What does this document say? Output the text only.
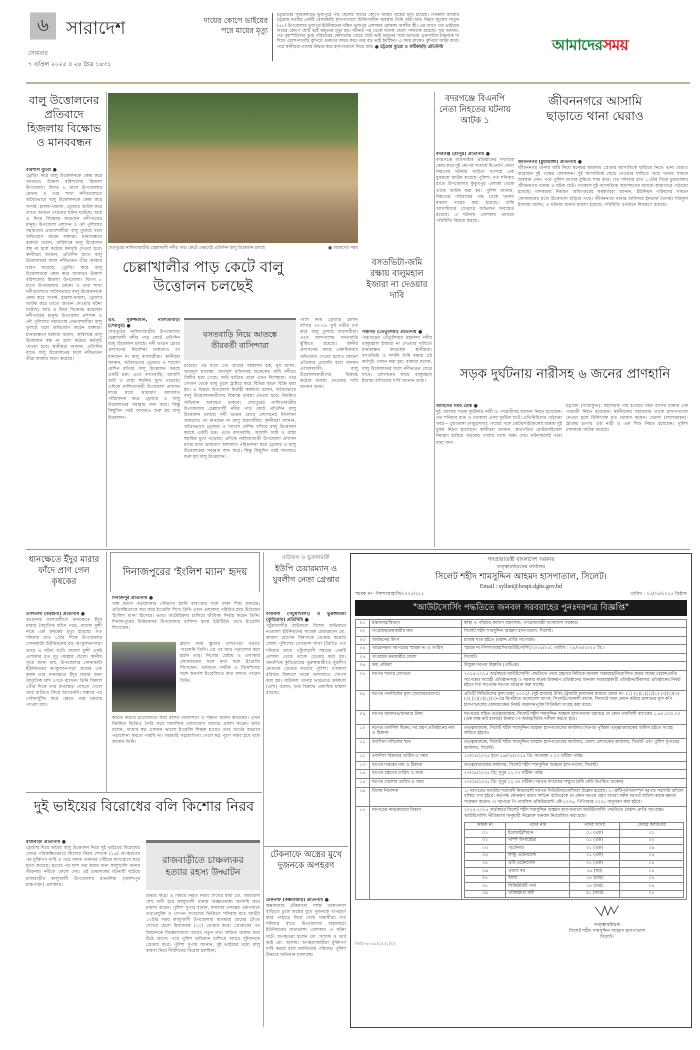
৬ সারাদেশ
সোমবার
৭ এপ্রিল ২০২৫ ॥ ২৪ চৈত্র ১৪৩১
দায়ের কোপে ভাইয়ের পরে মায়ের মৃত্যু
চট্টগ্রামের ফটিকছড়ির ভুজপুরে পড় ছেলের দায়ের কোপে আহত মায়ের মৃত্যু হয়েছে। গতকাল রবিবার চট্টগ্রাম নগরীর একটি বেসরকারি হাসপাতালে চিকিৎসাধীন অবস্থায় তিনি মারা যান। নিহত জুবেদা খাতুন (৫৮) উপজেলার ভুজপুর ইউনিয়নের দক্ষিণ ভুজপুর এলাকার মোস্তফা আলীর স্ত্রী। এর আগে গত ভাইয়ের দায়ের কোপে ছোট ভাই মামুনের মৃত্যু হয়। ঘটনার পর থেকে ঘাতক ছেলে পলাতক রয়েছে। সূত্র জানায়, গত বৃহস্পতিবার ভুজ্ব পরিবারের কোন্দলের জেরে ছোট ভাই মামুনের সঙ্গে ঝগড়ার একপর্যায়ে মামুনকে দা দিয়ে এলোপাতাড়ি কুপিয়ে গুরুতর জখম করে তার বড় ভাই ইয়াছিন। এ সময় মাকেও কুপিয়ে জখম করে। পরে স্থানীয়রা তাদের উদ্ধার করে হাসপাতালে নিয়ে যায়। ● চট্টগ্রাম ব্যুরো ও ফটিকছড়ি প্রতিনিধি	আমাদেরসময়
বালু উত্তোলনের প্রতিবাদে হিজলায় বিক্ষোভ ও মানববন্ধন
বরিশাল ব্যুরো ●
ড্রেজিং করে বালু উত্তোলনকে কেন্দ্র করে আবারও উত্তাল বরিশালের হিজলা উপজেলা। বিগত ৮ মাসে উপজেলার মেঘনা ও তার শাখা নদীগুলোতে অবৈধভাবে বালু উত্তোলনকে কেন্দ্র করে সংঘর্ষ, হামলা-মামলা, ড্রেজার আটক করে তাতে আগুন দেওয়ার ঘটনা ঘটেছে। আর এ নিয়ে বিক্ষোভ করেছেন নদীপাড়ের মানুষ। উপজেলা প্রশাসন ও নৌ পুলিশের সহায়তায় প্রভাবশালীরা বালু তুলছে বলে অভিযোগ করেন বক্তারা। মানববন্ধনে বক্তারা বলেন, অবিলম্বে বালু উত্তোলন বন্ধ না হলে কঠোর কর্মসূচি দেওয়া হবে। স্থানীয়রা জানান, প্রতিদিন রাতে বালু উত্তোলনের ফলে নদীভাঙন তীব্র আকার ধারণ করেছে। ড্রেজিং করে বালু উত্তোলনকে কেন্দ্র করে আবারও উত্তাল বরিশালের হিজলা উপজেলা। বিগত ৮ মাসে উপজেলার মেঘনা ও তার শাখা নদীগুলোতে অবৈধভাবে বালু উত্তোলনকে কেন্দ্র করে সংঘর্ষ, হামলা-মামলা, ড্রেজার আটক করে তাতে আগুন দেওয়ার ঘটনা ঘটেছে। আর এ নিয়ে বিক্ষোভ করেছেন নদীপাড়ের মানুষ। উপজেলা প্রশাসন ও নৌ পুলিশের সহায়তায় প্রভাবশালীরা বালু তুলছে বলে অভিযোগ করেন বক্তারা। মানববন্ধনে বক্তারা বলেন, অবিলম্বে বালু উত্তোলন বন্ধ না হলে কঠোর কর্মসূচি দেওয়া হবে। স্থানীয়রা জানান, প্রতিদিন রাতে বালু উত্তোলনের ফলে নদীভাঙন তীব্র আকার ধারণ করেছে।
শেরপুরের নালিতাবাড়ীর চেল্লাখালী নদীর পাড় কেটে এভাবেই প্রতিদিন বালু উত্তোলন চলছে	● আমাদের সময়
চেল্লাখালীর পাড় কেটে বালু উত্তোলন চলছেই
এম. সুরুজ্জামান, নালিতাবাড়ী (শেরপুর) ●
শেরপুরের নালিতাবাড়ীর উপজেলায় চেল্লাখালী নদীর পাড় কেটে প্রতিদিন বালু উত্তোলন চলছে। নদী ভাঙন রোধে প্রশাসনের নির্দেশনা থাকলেও তা মানছেন না বালু ব্যবসায়ীরা। স্থানীয়রা জানান, অবৈধভাবে ড্রেজার ও শ্যালো মেশিন বসিয়ে বালু উত্তোলন করছে একটি চক্র। এতে বসতবাড়ি, আবাদি জমি ও রাস্তা হুমকির মুখে পড়েছে। এদিকে নালিতাবাড়ী উপজেলা প্রশাসন মাঝে মধ্যে ভ্রাম্যমাণ আদালত পরিচালনা করে ড্রেজার ও বালু উত্তোলনের সরঞ্জাম জব্দ করে। কিন্তু কিছুদিন পরই আবারও শুরু হয় বালু উত্তোলন।
বসতবাড়ি নিয়ে আতঙ্কে তীরবর্তী বাসিন্দারা
রয়েছে। এর মধ্যে ৩টি গ্রামের আহলান হক, নূর আলী, আবদুল মালেক, আবদুল মজিদসহ অনেকের জমি নদীতে বিলীন হয়ে গেছে। জমি হারিয়ে তারা এখন দিশেহারা। পরে সেখান থেকে বালু তুলে ট্রাক্টরে করে বিভিন্ন স্থানে বিক্রি করা হয়। এ বিষয়ে উপজেলা নির্বাহী কর্মকর্তা বলেন, অবৈধভাবে বালু উত্তোলনকারীদের বিরুদ্ধে ব্যবস্থা নেওয়া হবে। নিয়মিত অভিযান অব্যাহত থাকবে। শেরপুরের নালিতাবাড়ীর উপজেলায় চেল্লাখালী নদীর পাড় কেটে প্রতিদিন বালু উত্তোলন চলছে। নদী ভাঙন রোধে প্রশাসনের নির্দেশনা থাকলেও তা মানছেন না বালু ব্যবসায়ীরা। স্থানীয়রা জানান, অবৈধভাবে ড্রেজার ও শ্যালো মেশিন বসিয়ে বালু উত্তোলন করছে একটি চক্র। এতে বসতবাড়ি, আবাদি জমি ও রাস্তা হুমকির মুখে পড়েছে। এদিকে নালিতাবাড়ী উপজেলা প্রশাসন মাঝে মধ্যে ভ্রাম্যমাণ আদালত পরিচালনা করে ড্রেজার ও বালু উত্তোলনের সরঞ্জাম জব্দ করে। কিন্তু কিছুদিন পরই আবারও শুরু হয় বালু উত্তোলন।
পাশে নিমি ড্রেজার মেশিন বসিয়ে ৩০-৩৫ ফুট গভীর গর্ত করে বালু তুলছে ব্যবসায়ীরা। এতে আশপাশের বসতবাড়ি ঝুঁকিতে রয়েছে। স্থানীয় প্রশাসনের কাছে একাধিকবার অভিযোগ দেওয়া হলেও কোনো প্রতিকার মেলেনি বলে জানান এলাকাবাসী। বালু উত্তোলনকারীদের বিরুদ্ধে কঠোর ব্যবস্থা নেওয়ার দাবি জানান তারা।
বসতভিটা-জমি রক্ষায় বালুমহাল ইজারা না দেওয়ার দাবি
পঞ্চগড় (তেঁতুলিয়া) প্রতিনিধি ●
পঞ্চগড়ের তেঁতুলিয়ার মহানন্দা নদীর বালুমহাল ইজারা না দেওয়ার দাবিতে মানববন্ধন করেছেন স্থানীয়রা। বসতভিটা ও ফসলি জমি রক্ষায় এই কর্মসূচি পালন করা হয়। বক্তারা বলেন, বালু উত্তোলনের ফলে নদীভাঙন বেড়ে যাবে। প্রশাসনের কাছে বালুমহাল ইজারা বাতিলের দাবি জানান তারা।
বদরগঞ্জে বিএনপি নেতা নিহতের ঘটনায় আটক ১
বদরগঞ্জ (রংপুর) প্রতিনিধি ●
বদরগঞ্জে ব্যবসায়িক প্রতিষ্ঠানের দখলকে কেন্দ্র করে দুই গ্রুপের সংঘর্ষে বিএনপি নেতা নিহতের ঘটনায় জড়িত সন্দেহে এক যুবককে আটক করেছে পুলিশ। গত শনিবার রাতে উপজেলার কুতুবপুর এলাকা থেকে তাকে আটক করা হয়। পুলিশ জানায়, নিহতের পরিবারের পক্ষ থেকে থানায় মামলা দায়ের করা হয়েছে। বাকি আসামিদের গ্রেপ্তারে অভিযান অব্যাহত রয়েছে। এ ঘটনায় এলাকায় থমথমে পরিস্থিতি বিরাজ করছে।
জীবননগরে আসামি ছাড়াতে থানা ঘেরাও
জীবননগর (চুয়াডাঙ্গা) প্রতিনিধি ●
জীবননগর থানায় জমি নিয়ে দ্বন্দ্বের মামলায় গ্রেপ্তার আসামিকে ছাড়িয়ে নিতে থানা ঘেরাও করেছেন দুই পক্ষের লোকজন। দুই আসামিকে ছেড়ে দেওয়ার দাবিতে তারা থানার সামনে অবস্থান নেন। পরে পুলিশ তাদের বুঝিয়ে শান্ত করে। গত শনিবার রাত ১১টার দিকে চুয়াডাঙ্গার জীবননগর থানায় এ ঘটনা ঘটে। গতকাল দুই আসামিকে আদালতের মাধ্যমে কারাগারে পাঠানো হয়েছে। মাদকদ্রব্য নিয়ন্ত্রণ অধিদপ্তরের কর্মকর্তারা জানান, ইউনিয়ন পরিষদের সামনে লোকজনের মধ্যে উত্তেজনা ছড়িয়ে পড়ে। জীবননগর থানার অফিসার ইনচার্জ (তদন্ত) শরিফুল ইসলাম বলেন, এ ঘটনায় থানায় মামলা হয়েছে। পরিস্থিতি বর্তমানে নিয়ন্ত্রণে রয়েছে।
সড়ক দুর্ঘটনায় নারীসহ ৬ জনের প্রাণহানি
আমাদের সময় ডেস্ক ●
দুই জেলায় সড়ক দুর্ঘটনায় নারী ও পথচারীসহ ছয়জন নিহত হয়েছেন। গত শনিবার রাত ও গতকাল এসব দুর্ঘটনা ঘটে। প্রতিনিধিদের পাঠানো খবর— চুয়াডাঙ্গা (দামুড়হুদা): গাছের সঙ্গে মোটরসাইকেলের ধাক্কায় দুই যুবক নিহত হয়েছেন। স্থানীয়রা জানান, দ্রুতগতির মোটরসাইকেল নিয়ন্ত্রণ হারিয়ে সড়কের পাশের গাছে ধাক্কা দেয়। ঘটনাস্থলেই তারা মারা যান।
চট্টগ্রাম (সীতাকুণ্ড): মহাসড়ক পার হওয়ার সময় বাসের ধাক্কায় এক পথচারী নিহত হয়েছেন। স্থানীয়দের সহায়তায় তাকে হাসপাতালে নেওয়া হলে চিকিৎসক মৃত ঘোষণা করেন। ভোলা (লালমোহন): ট্রাকের চাপায় এক নারী ও এক শিশু নিহত হয়েছেন। পুলিশ চালককে আটক করেছে।
ধানক্ষেতে ইঁদুর মারার ফাঁদে প্রাণ গেল কৃষকের
তালতলী (বরগুনা) প্রতিনিধি ●
বরগুনার তালতলীতে ধানক্ষেতে ইঁদুর মারার বৈদ্যুতিক ফাঁদে পড়ে, বাদেল মুন্সী নামে এক কৃষকের মৃত্যু হয়েছে। গত শনিবার রাত ৮টার দিকে উপজেলার সোনাকাটা ইউনিয়নের বড় অংকুজানপাড়া গ্রামে এ ঘটনা ঘটে। বাদেল মুন্সী একই এলাকার মৃত দুদু মোল্লার ছেলে। স্থানীয় সূত্রে জানা যায়, উপজেলার সোনাকাটা ইউনিয়নের অংকুজানপাড়া গ্রামের এক কৃষক তার ধানক্ষেতে ইঁদুর মারার জন্য বৈদ্যুতিক ফাঁদ পেতে রাখেন। তিনি বিকাল ৫টার দিকে তার ধানক্ষেত দেখতে গেলে আর বাড়িতে ফিরে আসেননি। সন্ধ্যার পর খোঁজাখুঁজি করে ক্ষেতে তার মরদেহ পাওয়া যায়।
দিনাজপুরের 'ইংলিশ ম্যান' হৃদয়
দিনাজপুর প্রতিনিধি ●
অল্প বয়সে পড়াশোনার সৌভাগ্য হয়নি বাবা-মার সঙ্গে থাকা শিশু হৃদয়ের। প্রতিবন্ধিতাকে জয় করে ইংরেজি শিখে তিনি এখন এলাকায় পরিচিত হয়ে উঠেছেন 'ইংলিশ ম্যান' হিসেবে। ভাঙা অটোরিকশা চালিয়ে জীবিকা নির্বাহ করেন তিনি। দিনাজপুরের চিরিরবন্দর উপজেলার বাসিন্দা হৃদয় ইউটিউব দেখে ইংরেজি শিখেছেন।
ক্লাসে সময় স্কুলের লেখাপড়া পড়তে পারেননি তিনি। এর পর আর পড়ালেখা করা হয়নি তার। নিজের চেষ্টায় ও এলাকার লোকজনের সঙ্গে কথা বলে ইংরেজি শিখেছেন। বর্তমানে পর্যটক ও বিদেশিদের সঙ্গে অনর্গল ইংরেজিতে কথা বলতে পারেন তিনি।
করতে করতে ইংরেজিতে কথা বলার পারদর্শিতা ও দক্ষতা অর্জন করেছেন। এখন নিয়মিত ভিডিও তৈরি করে সামাজিক যোগাযোগ মাধ্যমে প্রকাশ করেন। হৃদয় বলেন, আমার স্বপ্ন একজন ভালো ইংরেজি শিক্ষক হওয়া। তবে অর্থের অভাবে পড়াশোনা করতে পারছি না। সরকারি সহযোগিতা পেলে স্বপ্ন পূরণ সম্ভব হবে বলে জানান তিনি।
বাউফল ও ভুরুঙ্গামারী
ইউপি চেয়ারম্যান ও যুবলীগ নেতা গ্রেপ্তার
বাউফল (পটুয়াখালী) ও ভুরুঙ্গামারী (কুড়িগ্রাম) প্রতিনিধি ●
পটুয়াখালীর বাউফলে বিশেষ অভিযানে নওমালা ইউনিয়নের সাবেক চেয়ারম্যান মো. কামাল হোসেন বিশ্বাসকে গ্রেপ্তার করেছে জেলা পুলিশের গোয়েন্দা শাখা (ডিবি)। গত শনিবার রাতে পটুয়াখালী শহরের একটি এলাকা থেকে তাকে গ্রেপ্তার করা হয়। অন্যদিকে কুড়িগ্রামের ভুরুঙ্গামারীতে যুবলীগ নেতাকে গ্রেপ্তার করেছে পুলিশ। গতকাল রবিবার বিকালে তাকে আদালতে সোপর্দ করা হয়। বাউফল থানার ভারপ্রাপ্ত কর্মকর্তা (ওসি) বলেন, তার বিরুদ্ধে একাধিক মামলা রয়েছে।
দুই ভাইয়ের বিরোধের বলি কিশোর নিরব
রাজবাড়ী প্রতিনিধি ●
ড্রেজার দিয়ে অবৈধ বালু উত্তোলন নিয়ে দুই ভাইয়ের বিরোধের জেরে পরিকল্পিতভাবে কিশোর নিরব শেখকে (১৬) অপহরণের পর মুক্তিপণ দাবি ও পরে গলায় গুরুতর পেঁচিয়ে শ্বাসরোধে করে হত্যা করেছে। হত্যার পর লাশ গুম করার জন্য কালুখালি থানার সীমানায় নদীতে ফেলে দেয়। এই চাঞ্চল্যকর ঘটনাটি ঘটেছে রাজবাড়ীর কালুখালী উপজেলার রতনদিয়া (মালশপুর মাঝপাড়া) এলাকায়।
রাজবাড়ীতে চাঞ্চল্যকর হত্যার রহস্য উদ্ঘাটন
উদ্ধার করে। এ বিষয়ে নিহত নিরব শেখের বাবা মো. জিয়াউল শেখ বাদী হয়ে কালুখালী থানায় অজ্ঞাতনামা আসামি করে মামলা করেন। পুলিশ সুপার বলেন, মামলার তদন্তের একপর্যায়ে তথ্যপ্রযুক্তি ও গোপন সংবাদের ভিত্তিতে শনিবার রাত আটটা ১০টার সময় কালুখালী উপজেলার বাগমারা গ্রামের টেংগু শেখের ছেলে মিজানকে (২২) গ্রেপ্তার করে। গ্রেপ্তারের পর মিজানকে জিজ্ঞাসাবাদে আরও নতুন তথ্য জড়িত থাকার কথা উঠে আসে। পরে পুলিশ অভিযান চালিয়ে আরও দুইজনকে গ্রেপ্তার করে। পুলিশ সুপার জানান, দুই ভাইয়ের মধ্যে বালু ব্যবসা নিয়ে দীর্ঘদিনের বিরোধ চলছিল।
টেকনাফে অস্ত্রের মুখে দুজনকে অপহরণ
টেকনাফ (কক্সবাজার) প্রতিনিধি ●
কক্সবাজার টেকনাফে সশস্ত্র ডাকাতদল বাড়িতে ঢুকে অস্ত্রের মুখে দুজনকে অপহরণ করে পাহাড়ে নিয়ে গেছে সন্ত্রাসীরা। গত শনিবার রাতে উপজেলার বাহারছড়া ইউনিয়নের মাথাভাঙ্গা এলাকায় এ ঘটনা ঘটে। অপহৃতরা হলেন মো. সাদেক ও তার ভাই মো. আলম। অপহরণকারীরা মুক্তিপণ দাবি করছে বলে জানিয়েছে পরিবার। পুলিশ উদ্ধারে অভিযান চালাচ্ছে।
গণপ্রজাতন্ত্রী বাংলাদেশ সরকার
তত্ত্বাবধায়কের কার্যালয়
সিলেট শহীদ শামসুদ্দিন আহমদ হাসপাতাল, সিলেট।
Email : sylhet@hospi.dghs.gov.bd
স্মারক নং- সিশশাআহাসি/২০২৫/২৫২	তারিখ : ০৫/০৪/২০২৫ খ্রিষ্টাব্দ
"আউটসোর্সিং পদ্ধতিতে জনবল সরবরাহের পুনঃদরপত্র বিজ্ঞপ্তি"
০১	মন্ত্রণালয়/বিভাগ	স্বাস্থ্য ও পরিবার কল্যাণ মন্ত্রণালয়, গণপ্রজাতন্ত্রী বাংলাদেশ সরকার।
০২	সংগ্রাহক/ক্রয়কারীর নাম	সিলেট শহীদ শামসুদ্দিন আহমদ হাসপাতাল, সিলেট।
০৩	অর্থায়নের উৎস	রাজস্ব খাত হইতে (বরাদ্দ প্রাপ্তি সাপেক্ষে)
০৪	আহ্বানকৃত দরপত্রের স্মারক নং ও তারিখ	স্মারক নং-সিশশাআহাসি/আউটসোর্সিং/২০২৫/২৫১ তারিখ : ০৫/০৪/২০২৫ খ্রি:।
০৫	সংগ্রাহক ক্রয়কারীর জেলা	সিলেট।
০৬	ক্রয় প্রক্রিয়া	উন্মুক্ত দরপত্র বিজ্ঞপ্তি (ওটিএম)
০৭	দরপত্র দাতার যোগ্যতা	২০২৪-২০২৫ অর্থবছরে আউটসোর্সিং পদ্ধতিতে সেবা গ্রহণের নিমিত্তে জনবল সরবরাহ/নিয়োজিত করার লক্ষ্যে (বরাদ্দপ্রাপ্তি সাপেক্ষে) আগ্রহী প্রতিষ্ঠানসমূহ ও সরকার কর্তৃক উক্তরূপ প্রতিষ্ঠানের জনবল সরবরাহকারী প্রতিষ্ঠান/টিকাদার প্রতিষ্ঠানের নিকট হইতে শর্ত সাপেক্ষে দরপত্র আহ্বান করা যাচ্ছে।
০৮	দরপত্র তফসিলের মূল্য (অফেরতযোগ্য)	প্রতিটি সিডিউলের মূল্য বাবদ ২০০০/- (দুই হাজার) টাকা ট্রেজারী চালানের মাধ্যমে কোড নং- (১) (২)(১)(২)(১) (৩)(২)(৩)(৩) (২)(৩)(২)(৩)-এর বিপরীতে বাংলাদেশ ব্যাংক, সিলেট/সোনালী ব্যাংক, সিলেটে জমা প্রদান করিয়া চালানের মূল কপি হাসপাতালের কোষাধ্যক্ষের নিকট জমাদানপূর্বক সিডিউল সংগ্রহ করা যাবে।
০৯	দরপত্র জামানত/বায়নার টাকা	দরপত্রের সহিত তত্ত্বাবধায়ক, সিলেট শহীদ শামসুদ্দিন আহমদ হাসপাতাল বরাবরে যে কোন তফসিলী ব্যাংকের ১,৬০,০০০.০০ (এক লক্ষ ষাট হাজার) টাকার পে-অর্ডার/ডিডি দাখিল করতে হবে।
১০	দরপত্র তফসিল বিক্রয়, দর গ্রহণ প্রতিষ্ঠানের নাম ও ঠিকানা	তত্ত্বাবধায়ক, সিলেট শহীদ শামসুদ্দিন আহমদ হাসপাতালের কার্যালয় (দরপত্র পুস্তিকা তত্ত্বাবধায়কের অফিস হইতে সংগ্রহ করিতে হইবে)।
১১	তফসিল দাখিলের স্থান	তত্ত্বাবধায়ক, সিলেট শহীদ শামসুদ্দিন আহমদ হাসপাতালের কার্যালয়, জেলা প্রশাসকের কার্যালয়, সিলেট এবং পুলিশ সুপারের কার্যালয়, সিলেট।
১২	তফসিল বিক্রয়ের তারিখ ও সময়	১০/০৪/২০২৫ হতে ২৬/০৪/২০২৫ খ্রি: অপরাহ্ন ২.০০ ঘটিকা পর্যন্ত।
১৩	দরপত্র দপ্তরের নাম ও ঠিকানা	তত্ত্বাবধায়কের কার্যালয়, সিলেট শহীদ শামসুদ্দিন আহমদ হাসপাতাল, সিলেট।
১৪	দরপত্র গ্রহণের তারিখ ও সময়	২৭/০৪/২০২৫ খ্রি: দুপুর ১২.০০ ঘটিকা পর্যন্ত
১৫	দরপত্র খোলার তারিখ ও সময়	২৭/০৪/২০২৫ খ্রি: দুপুর ১২.৩০ ঘটিকা। দরপত্র দাতাদের সম্মুখে (যদি কেউ উপস্থিত থাকেন)
১৬	বিশেষ নির্দেশনা	১। দরপত্রের যাবতীয় শর্তাবলী নিয়মাবলী দরপত্র সিডিউল/তফসিলে উল্লেখ রয়েছে। ২। ত্রুটিপূর্ণ/অসম্পূর্ণ দরপত্র সরাসরি বাতিল বলিয়া গণ্য হইবে। কর্তৃপক্ষ কোনরূপ কারণ দর্শানো ব্যতিরেকে যে কোন দরপত্র গ্রহণ অথবা সকল দরপত্র বাতিল করার ক্ষমতা সংরক্ষণ করেন। ৩। দরপত্রে পি পাবলিক প্রকিউরমেন্ট এক্ট-২০০৬, পিপিআর-২০০৮ অনুসরণ করা হইবে।
১৭	দরপত্রের নাম/কাজের বিবরণ	২০২৪-২০২৫ অর্থবছরে সিলেট শহীদ শামসুদ্দিন আহমদ হাসপাতালে আউটসোর্সিং পদ্ধতিতে (বরাদ্দ প্রাপ্তি সাপেক্ষে) আউটসোর্সিং নীতিমালা অনুযায়ী নিম্নোক্ত জনবল নিয়োজিত করা হবে।
ক্রমিক নং	পদের নাম	পদের সংখ্যা	সেবার ক্যাটাগরি
০১	ইলেকট্রিশিয়ান	০১ (এক)	০১
০২	পাম্প অপারেটর	০১ (এক)	০২
০৩	গার্ডেনার	০১ (এক)	০৪
০৪	লন্ড্রি এটেনডেন্ট	০১ (এক)	০৫
০৫	ওটি এটেনডেন্ট	০১ (এক)	০৫
০৬	ওয়ার্ড বয়	০৬ (ছয়)	০৫
০৭	আয়া	০৪ (চার)	০৫
০৮	সিকিউরিটি গার্ড	০৪ (চার)	০৫
০৯	পরিচ্ছন্নতা কর্মী	০৮ (আট)	০৫
তত্ত্বাবধায়ক
সিলেট শহীদ শামসুদ্দিন আহমদ হাসপাতাল
সিলেট।
জিডি-৩০৮৯/২৫ (১/৪)
